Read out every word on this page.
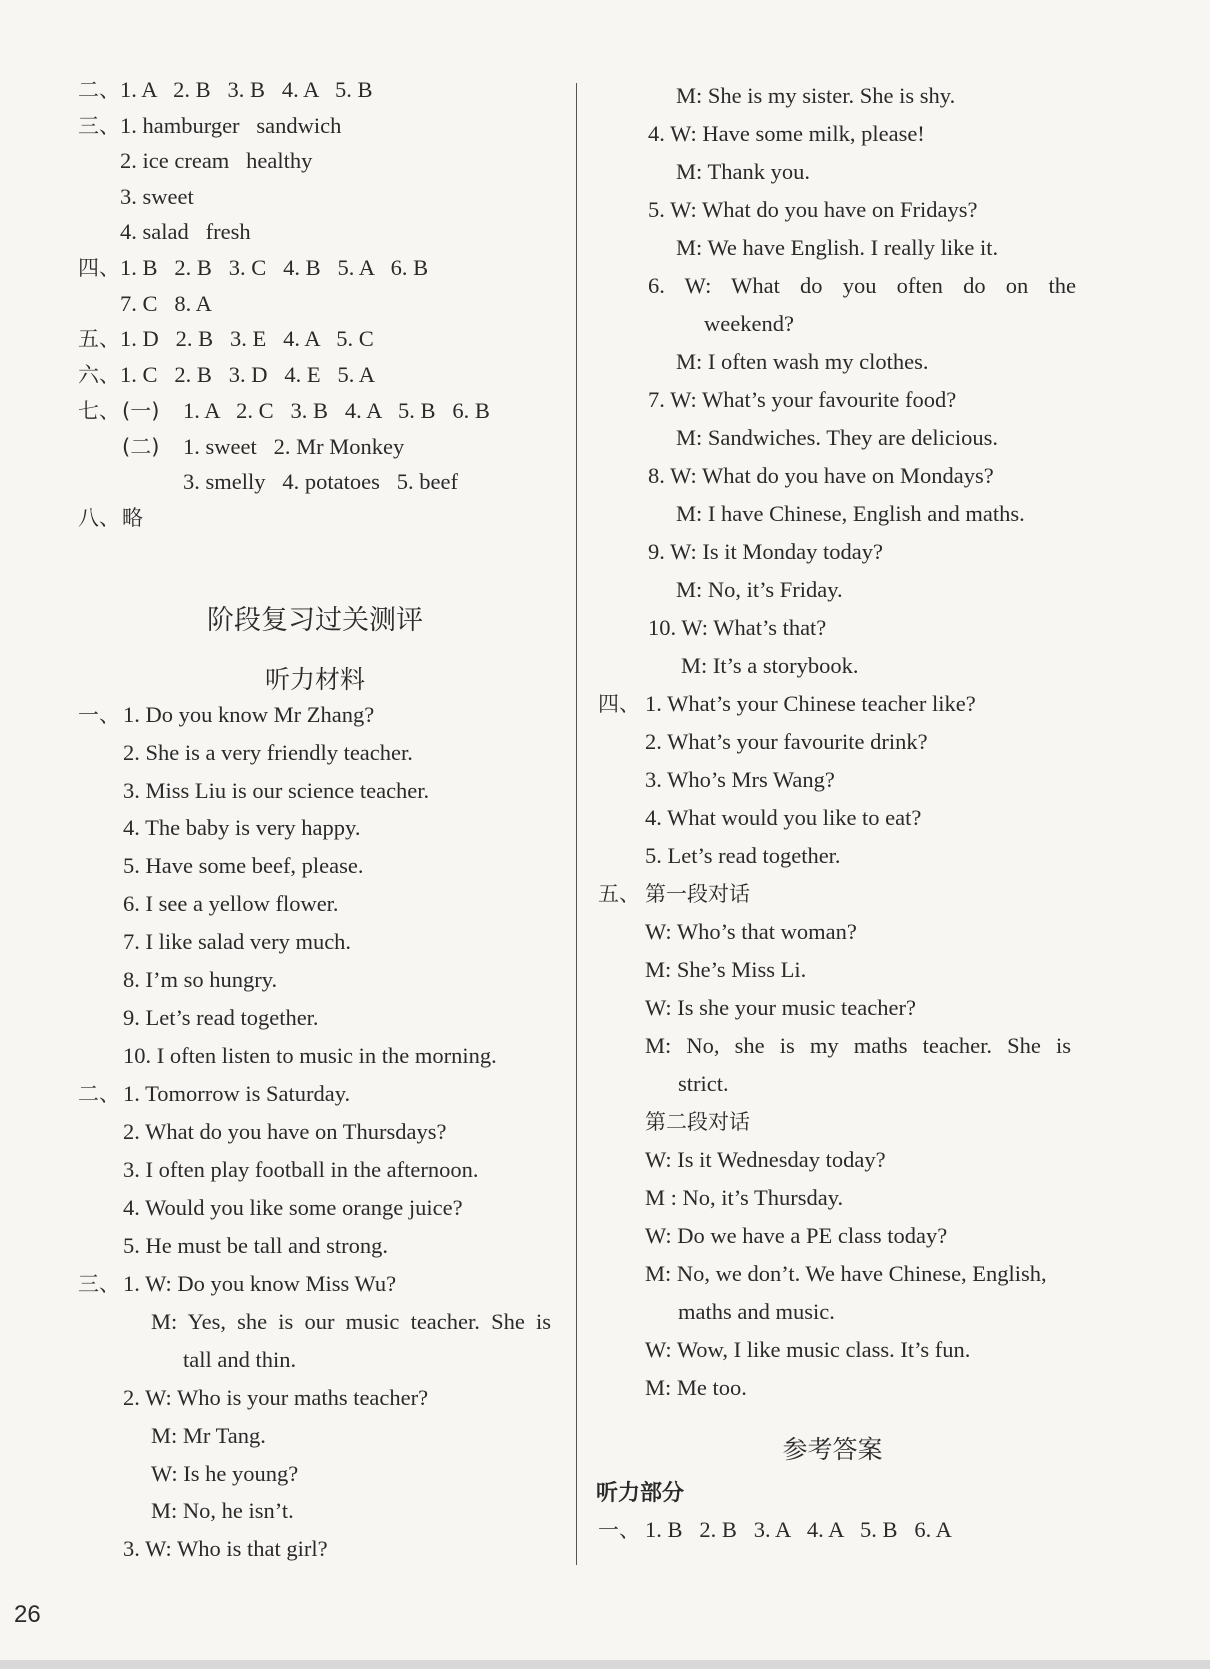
二、 1. A   2. B   3. B   4. A   5. B
三、 1. hamburger   sandwich
2. ice cream   healthy
3. sweet
4. salad   fresh
四、 1. B   2. B   3. C   4. B   5. A   6. B
7. C   8. A
五、 1. D   2. B   3. E   4. A   5. C
六、 1. C   2. B   3. D   4. E   5. A
七、 (一) 1. A   2. C   3. B   4. A   5. B   6. B
(二) 1. sweet   2. Mr Monkey
3. smelly   4. potatoes   5. beef
八、 略
阶段复习过关测评
听力材料
一、 1. Do you know Mr Zhang?
2. She is a very friendly teacher.
3. Miss Liu is our science teacher.
4. The baby is very happy.
5. Have some beef, please.
6. I see a yellow flower.
7. I like salad very much.
8. I’m so hungry.
9. Let’s read together.
10. I often listen to music in the morning.
二、 1. Tomorrow is Saturday.
2. What do you have on Thursdays?
3. I often play football in the afternoon.
4. Would you like some orange juice?
5. He must be tall and strong.
三、 1. W: Do you know Miss Wu?
M: Yes, she is our music teacher. She is
tall and thin.
2. W: Who is your maths teacher?
M: Mr Tang.
W: Is he young?
M: No, he isn’t.
3. W: Who is that girl?
M: She is my sister. She is shy.
4. W: Have some milk, please!
M: Thank you.
5. W: What do you have on Fridays?
M: We have English. I really like it.
6. W: What do you often do on the
weekend?
M: I often wash my clothes.
7. W: What’s your favourite food?
M: Sandwiches. They are delicious.
8. W: What do you have on Mondays?
M: I have Chinese, English and maths.
9. W: Is it Monday today?
M: No, it’s Friday.
10. W: What’s that?
M: It’s a storybook.
四、 1. What’s your Chinese teacher like?
2. What’s your favourite drink?
3. Who’s Mrs Wang?
4. What would you like to eat?
5. Let’s read together.
五、 第一段对话
W: Who’s that woman?
M: She’s Miss Li.
W: Is she your music teacher?
M: No, she is my maths teacher. She is
strict.
第二段对话
W: Is it Wednesday today?
M : No, it’s Thursday.
W: Do we have a PE class today?
M: No, we don’t. We have Chinese, English,
maths and music.
W: Wow, I like music class. It’s fun.
M: Me too.
参考答案
听力部分
一、 1. B   2. B   3. A   4. A   5. B   6. A
26
